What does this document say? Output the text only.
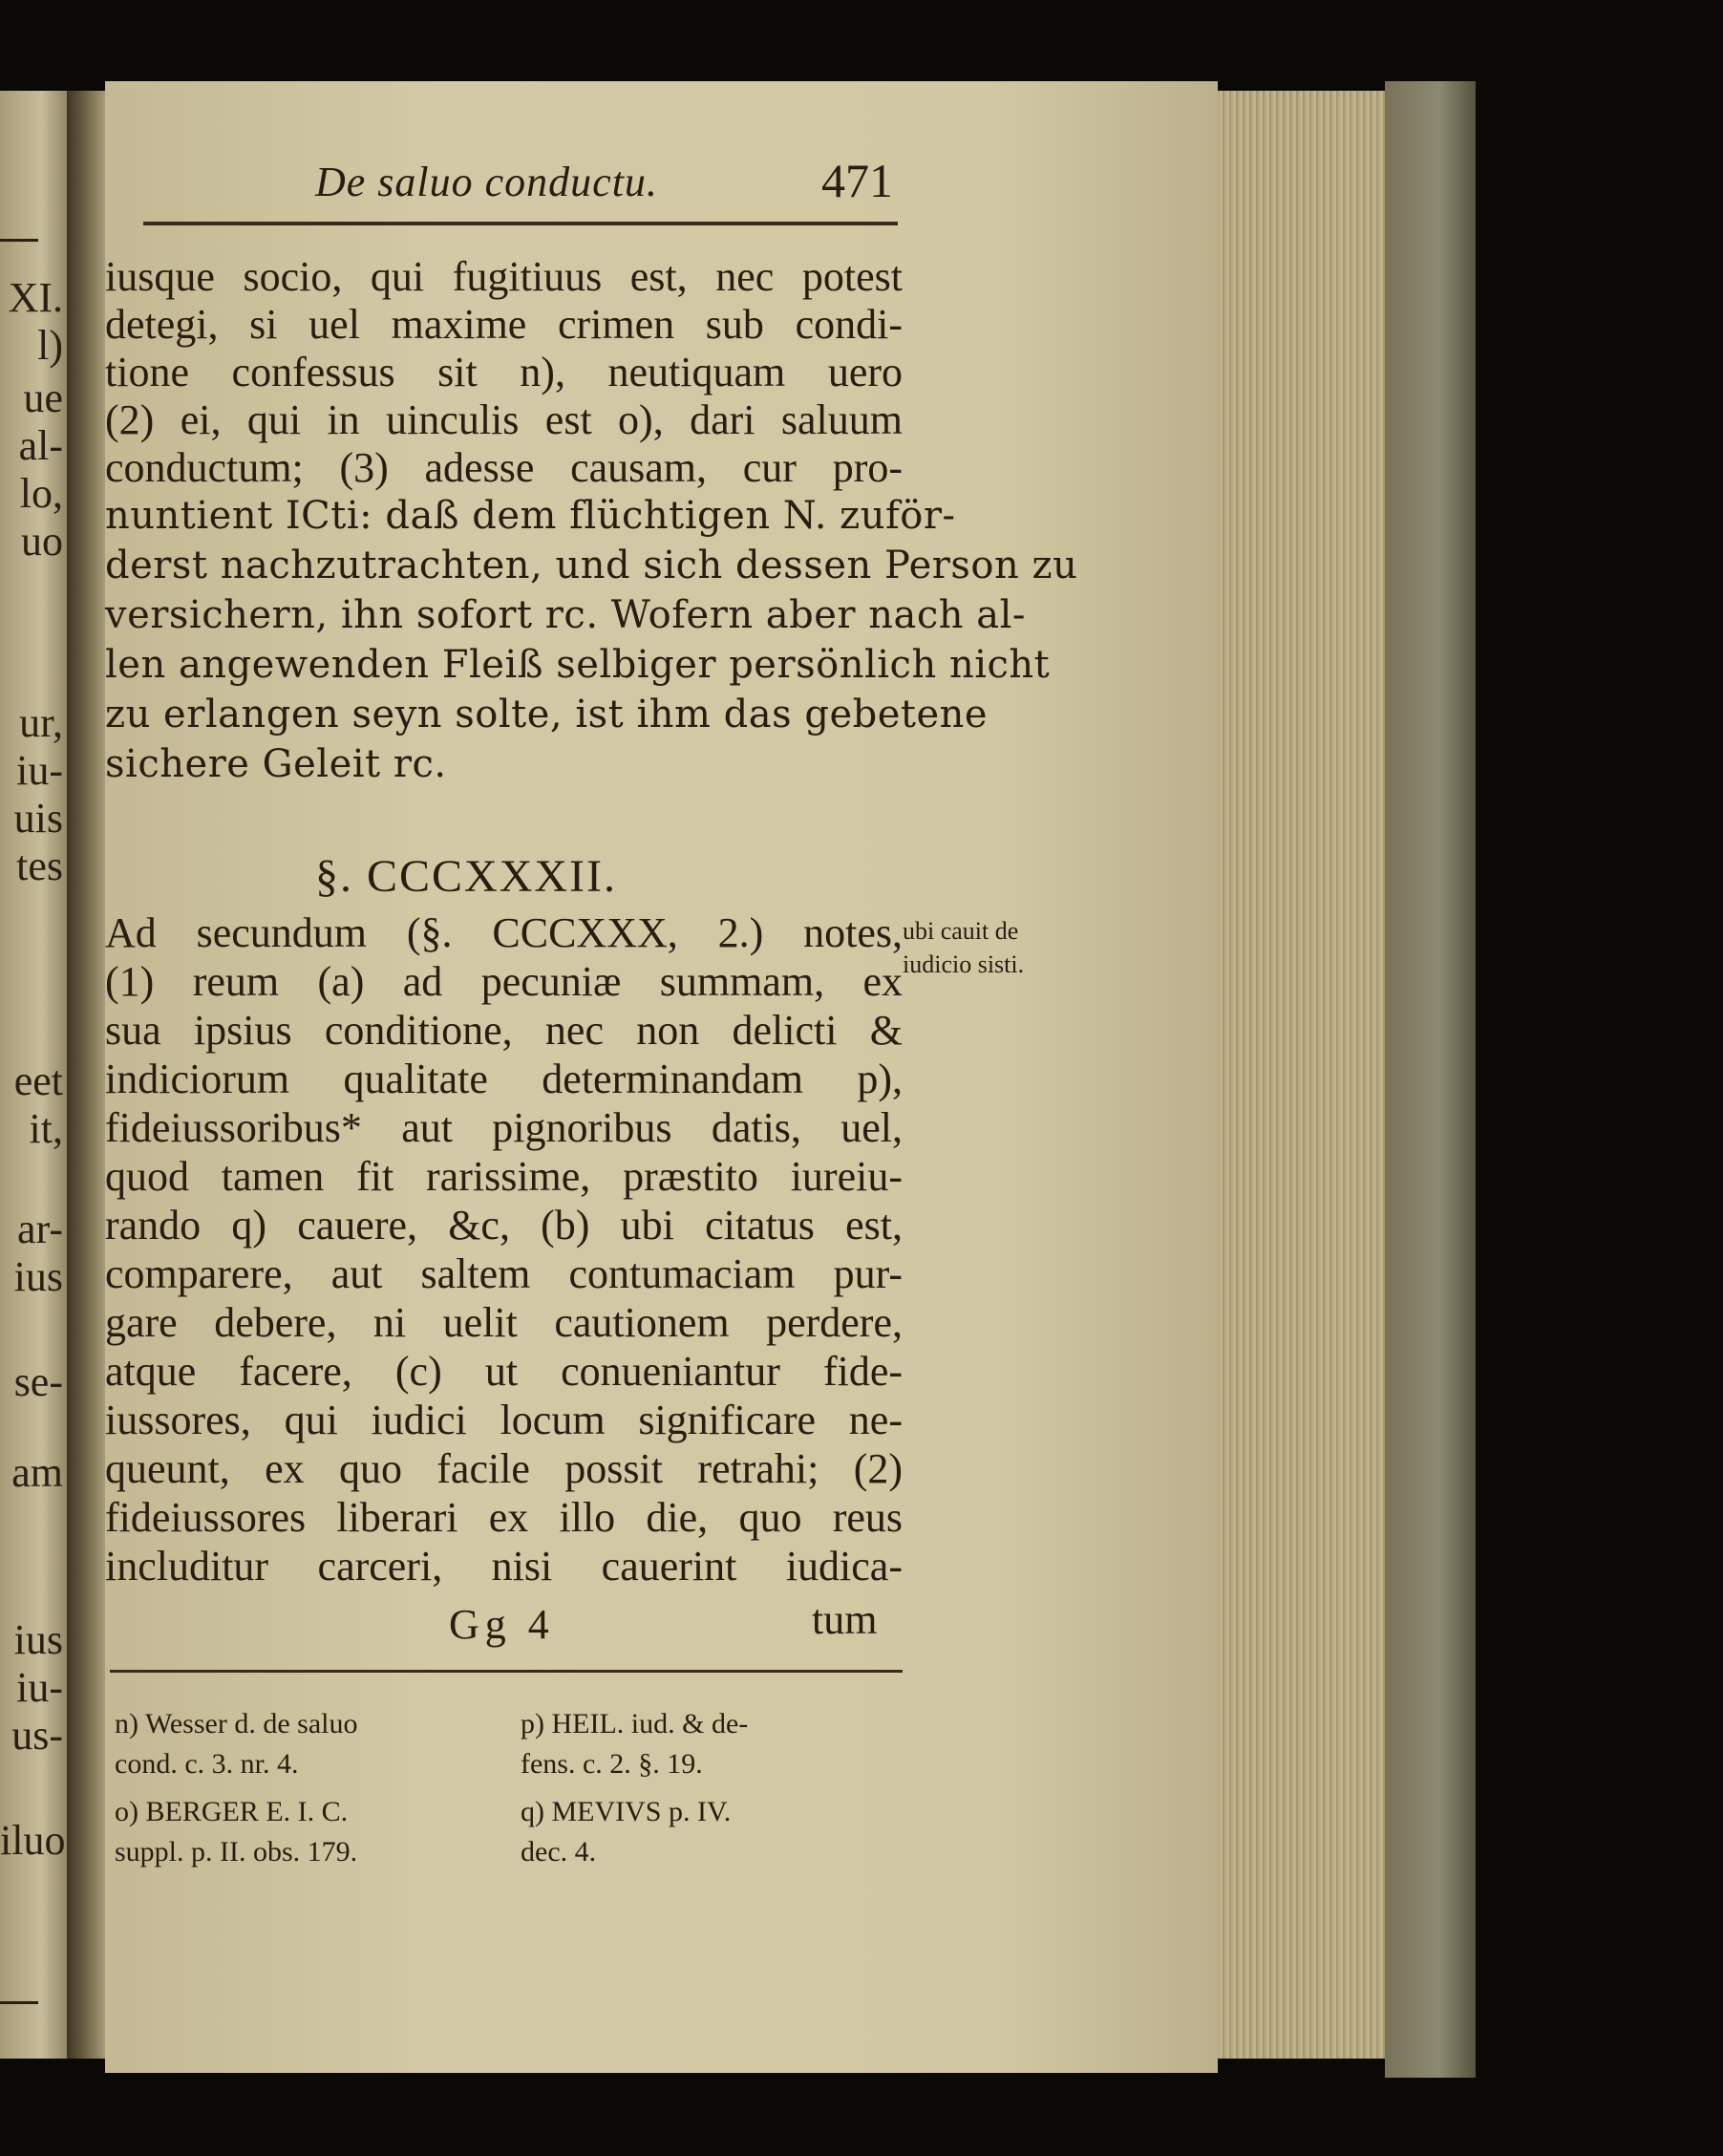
XI.
l)
ue
al-
lo,
uo
ur,
iu-
uis
tes
eet
it,
ar-
ius
se-
am
ius
iu-
us-
iluo
De saluo conductu.	471
iusque socio, qui fugitiuus est, nec potest
detegi, si uel maxime crimen sub condi-
tione confessus sit n), neutiquam uero
(2) ei, qui in uinculis est o), dari saluum
conductum; (3) adesse causam, cur pro-
nuntient ICti: daß dem flüchtigen N. zuför-
derst nachzutrachten, und sich dessen Person zu
versichern, ihn sofort rc. Wofern aber nach al-
len angewenden Fleiß selbiger persönlich nicht
zu erlangen seyn solte, ist ihm das gebetene
sichere Geleit rc.
§. CCCXXXII.
Ad secundum (§. CCCXXX, 2.) notes,
(1) reum (a) ad pecuniæ summam, ex
sua ipsius conditione, nec non delicti &
indiciorum qualitate determinandam p),
fideiussoribus* aut pignoribus datis, uel,
quod tamen fit rarissime, præstito iureiu-
rando q) cauere, &c, (b) ubi citatus est,
comparere, aut saltem contumaciam pur-
gare debere, ni uelit cautionem perdere,
atque facere, (c) ut conueniantur fide-
iussores, qui iudici locum significare ne-
queunt, ex quo facile possit retrahi; (2)
fideiussores liberari ex illo die, quo reus
includitur carceri, nisi cauerint iudica-
ubi cauit de
iudicio sisti.
Gg 4	tum
n) Wesser d. de saluo
cond. c. 3. nr. 4.
o) BERGER E. I. C.
suppl. p. II. obs. 179.
p) HEIL. iud. & de-
fens. c. 2. §. 19.
q) MEVIVS p. IV.
dec. 4.
